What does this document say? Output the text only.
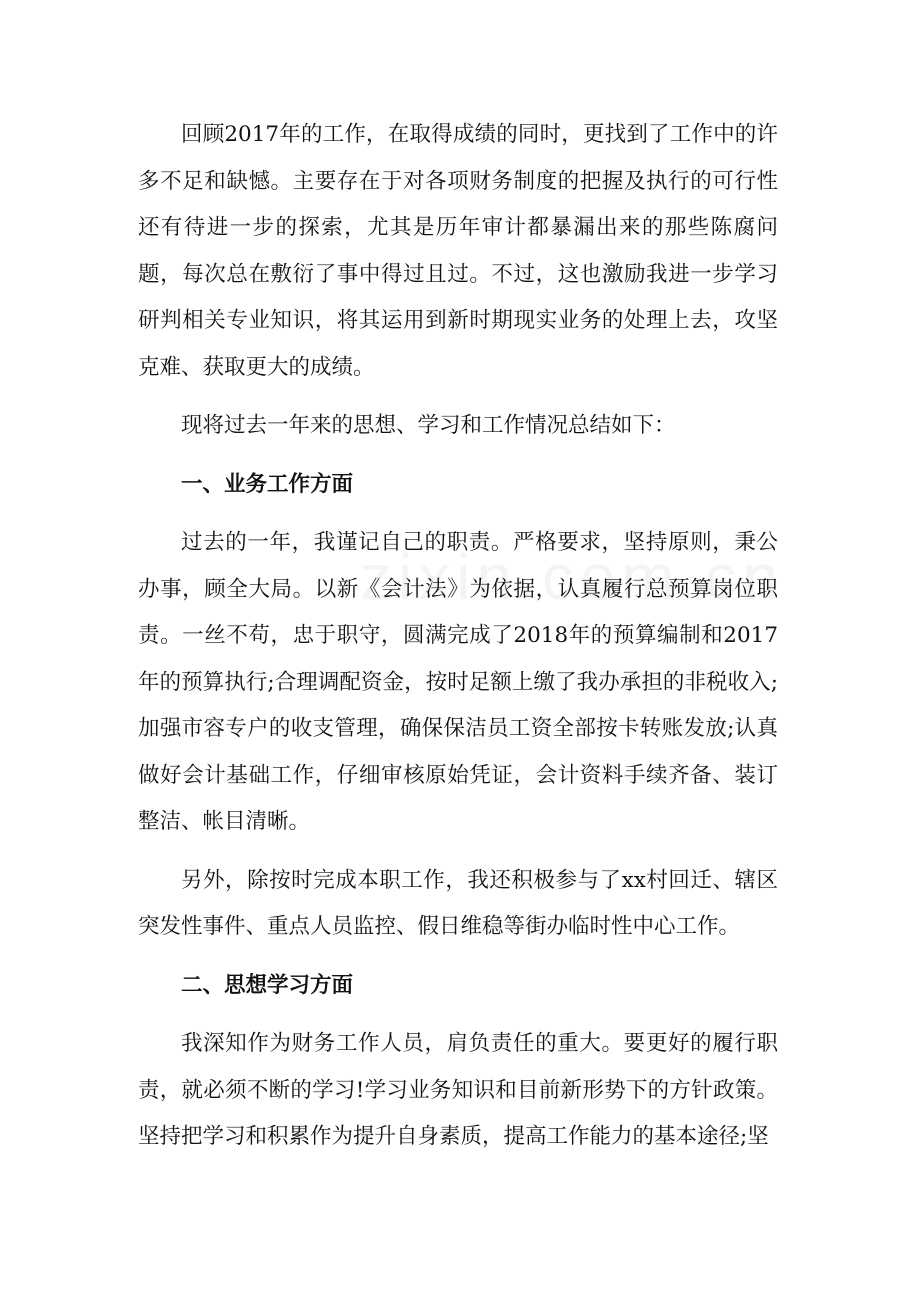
回顾2017年的工作，在取得成绩的同时，更找到了工作中的许多不足和缺憾。主要存在于对各项财务制度的把握及执行的可行性还有待进一步的探索，尤其是历年审计都暴漏出来的那些陈腐问题，每次总在敷衍了事中得过且过。不过，这也激励我进一步学习研判相关专业知识，将其运用到新时期现实业务的处理上去，攻坚克难、获取更大的成绩。

现将过去一年来的思想、学习和工作情况总结如下：

一、业务工作方面

过去的一年，我谨记自己的职责。严格要求，坚持原则，秉公办事，顾全大局。以新《会计法》为依据，认真履行总预算岗位职责。一丝不苟，忠于职守，圆满完成了2018年的预算编制和2017年的预算执行;合理调配资金，按时足额上缴了我办承担的非税收入;加强市容专户的收支管理，确保保洁员工资全部按卡转账发放;认真做好会计基础工作，仔细审核原始凭证，会计资料手续齐备、装订整洁、帐目清晰。

另外，除按时完成本职工作，我还积极参与了xx村回迁、辖区突发性事件、重点人员监控、假日维稳等街办临时性中心工作。

二、思想学习方面

我深知作为财务工作人员，肩负责任的重大。要更好的履行职责，就必须不断的学习!学习业务知识和目前新形势下的方针政策。坚持把学习和积累作为提升自身素质，提高工作能力的基本途径;坚
